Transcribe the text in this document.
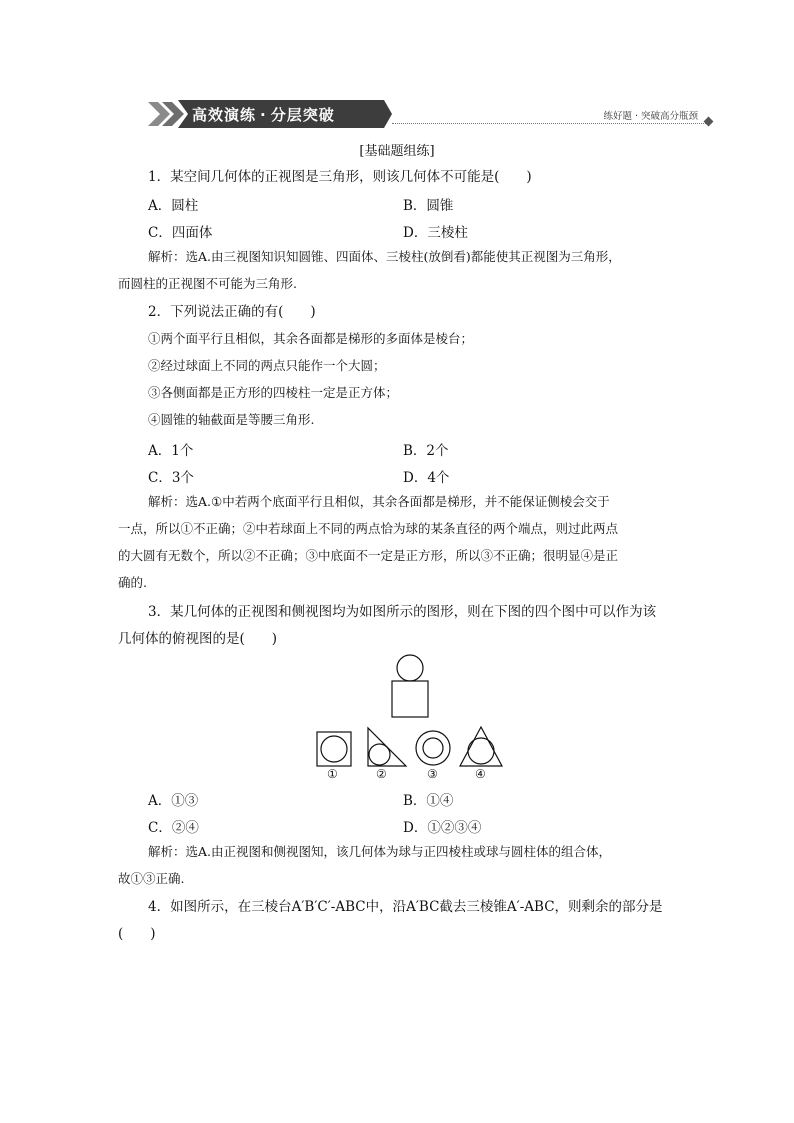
高效演练 · 分层突破	练好题 · 突破高分瓶颈
[基础题组练]
1．某空间几何体的正视图是三角形，则该几何体不可能是(　　)
A．圆柱	B．圆锥
C．四面体	D．三棱柱
解析：选A.由三视图知识知圆锥、四面体、三棱柱(放倒看)都能使其正视图为三角形，
而圆柱的正视图不可能为三角形.
2．下列说法正确的有(　　)
①两个面平行且相似，其余各面都是梯形的多面体是棱台；
②经过球面上不同的两点只能作一个大圆；
③各侧面都是正方形的四棱柱一定是正方体；
④圆锥的轴截面是等腰三角形.
A．1个	B．2个
C．3个	D．4个
解析：选A.①中若两个底面平行且相似，其余各面都是梯形，并不能保证侧棱会交于
一点，所以①不正确；②中若球面上不同的两点恰为球的某条直径的两个端点，则过此两点
的大圆有无数个，所以②不正确；③中底面不一定是正方形，所以③不正确；很明显④是正
确的.
3．某几何体的正视图和侧视图均为如图所示的图形，则在下图的四个图中可以作为该
几何体的俯视图的是(　　)
①	②	③	④
A．①③	B．①④
C．②④	D．①②③④
解析：选A.由正视图和侧视图知，该几何体为球与正四棱柱或球与圆柱体的组合体，
故①③正确.
4．如图所示，在三棱台A′B′C′-ABC中，沿A′BC截去三棱锥A′-ABC，则剩余的部分是
(　　)
